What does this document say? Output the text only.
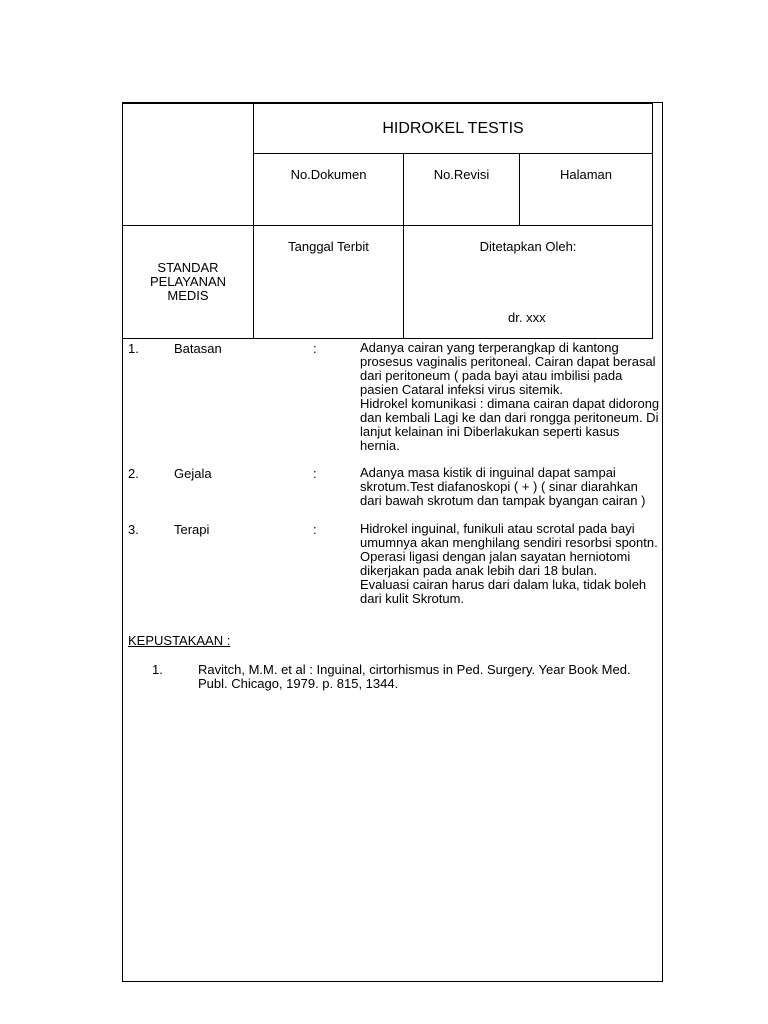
HIDROKEL TESTIS
No.Dokumen	No.Revisi	Halaman
Tanggal Terbit	Ditetapkan Oleh:
dr. xxx
STANDAR
PELAYANAN
MEDIS
1.	Batasan	:	Adanya cairan yang terperangkap di kantong
prosesus vaginalis peritoneal. Cairan dapat berasal
dari peritoneum ( pada bayi atau imbilisi pada
pasien Cataral infeksi virus sitemik.
Hidrokel komunikasi : dimana cairan dapat didorong
dan kembali Lagi ke dan dari rongga peritoneum. Di
lanjut kelainan ini Diberlakukan seperti kasus
hernia.
2.	Gejala	:	Adanya masa kistik di inguinal dapat sampai
skrotum.Test diafanoskopi ( + ) ( sinar diarahkan
dari bawah skrotum dan tampak byangan cairan )
3.	Terapi	:	Hidrokel inguinal, funikuli atau scrotal pada bayi
umumnya akan menghilang sendiri resorbsi spontn.
Operasi ligasi dengan jalan sayatan herniotomi
dikerjakan pada anak lebih dari 18 bulan.
Evaluasi cairan harus dari dalam luka, tidak boleh
dari kulit Skrotum.
KEPUSTAKAAN :
1.	Ravitch, M.M. et al : Inguinal, cirtorhismus in Ped. Surgery. Year Book Med.
Publ. Chicago, 1979. p. 815, 1344.
